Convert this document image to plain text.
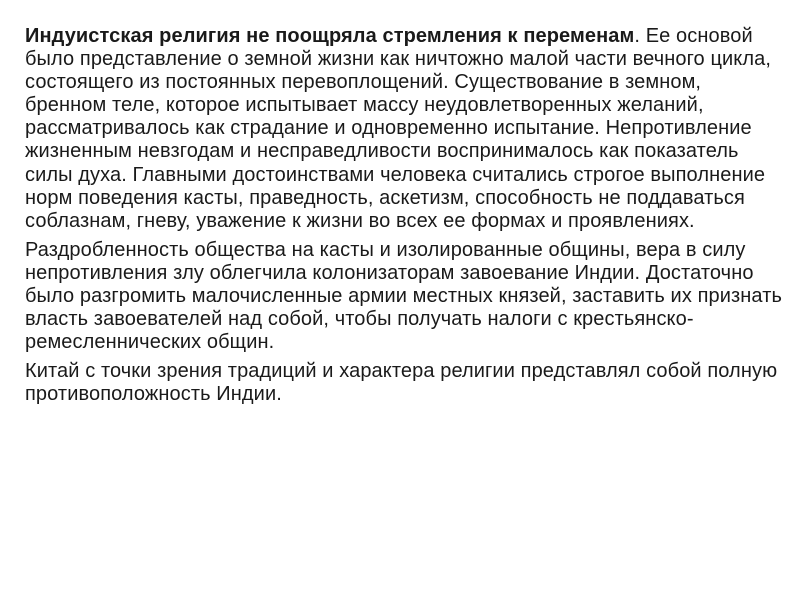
Индуистская религия не поощряла стремления к переменам. Ее основой было представление о земной жизни как ничтожно малой части вечного цикла, состоящего из постоянных перевоплощений. Существование в земном, бренном теле, которое испытывает массу неудовлетворенных желаний, рассматривалось как страдание и одновременно испытание. Непротивление жизненным невзгодам и несправедливости воспринималось как показатель силы духа. Главными достоинствами человека считались строгое выполнение норм поведения касты, праведность, аскетизм, способность не поддаваться соблазнам, гневу, уважение к жизни во всех ее формах и проявлениях.

Раздробленность общества на касты и изолированные общины, вера в силу непротивления злу облегчила колонизаторам завоевание Индии. Достаточно было разгромить малочисленные армии местных князей, заставить их признать власть завоевателей над собой, чтобы получать налоги с крестьянско-ремесленнических общин.

Китай с точки зрения традиций и характера религии представлял собой полную противоположность Индии.
